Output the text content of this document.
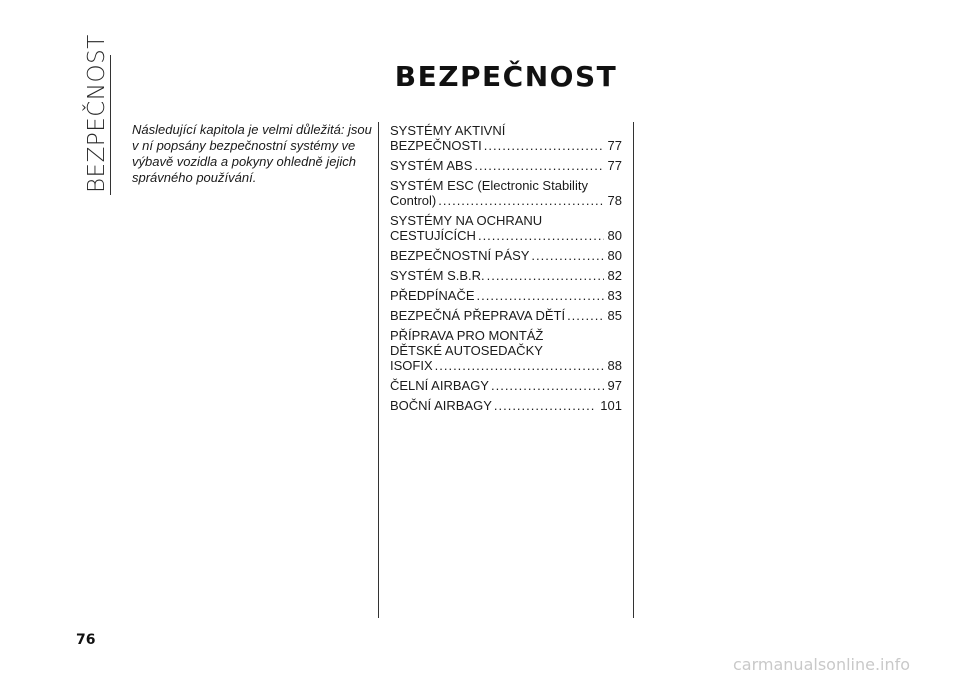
BEZPEČNOST	BEZPEČNOST

Následující kapitola je velmi důležitá: jsou v ní popsány bezpečnostní systémy ve výbavě vozidla a pokyny ohledně jejich správného používání.

SYSTÉMY AKTIVNÍ
BEZPEČNOSTI .....	77
SYSTÉM ABS .....	77
SYSTÉM ESC (Electronic Stability
Control) .....	78
SYSTÉMY NA OCHRANU
CESTUJÍCÍCH .....	80
BEZPEČNOSTNÍ PÁSY .....	80
SYSTÉM S.B.R. .....	82
PŘEDPÍNAČE .....	83
BEZPEČNÁ PŘEPRAVA DĚTÍ .....	85
PŘÍPRAVA PRO MONTÁŽ
DĚTSKÉ AUTOSEDAČKY
ISOFIX .....	88
ČELNÍ AIRBAGY .....	97
BOČNÍ AIRBAGY .....	101
76
carmanualsonline.info
